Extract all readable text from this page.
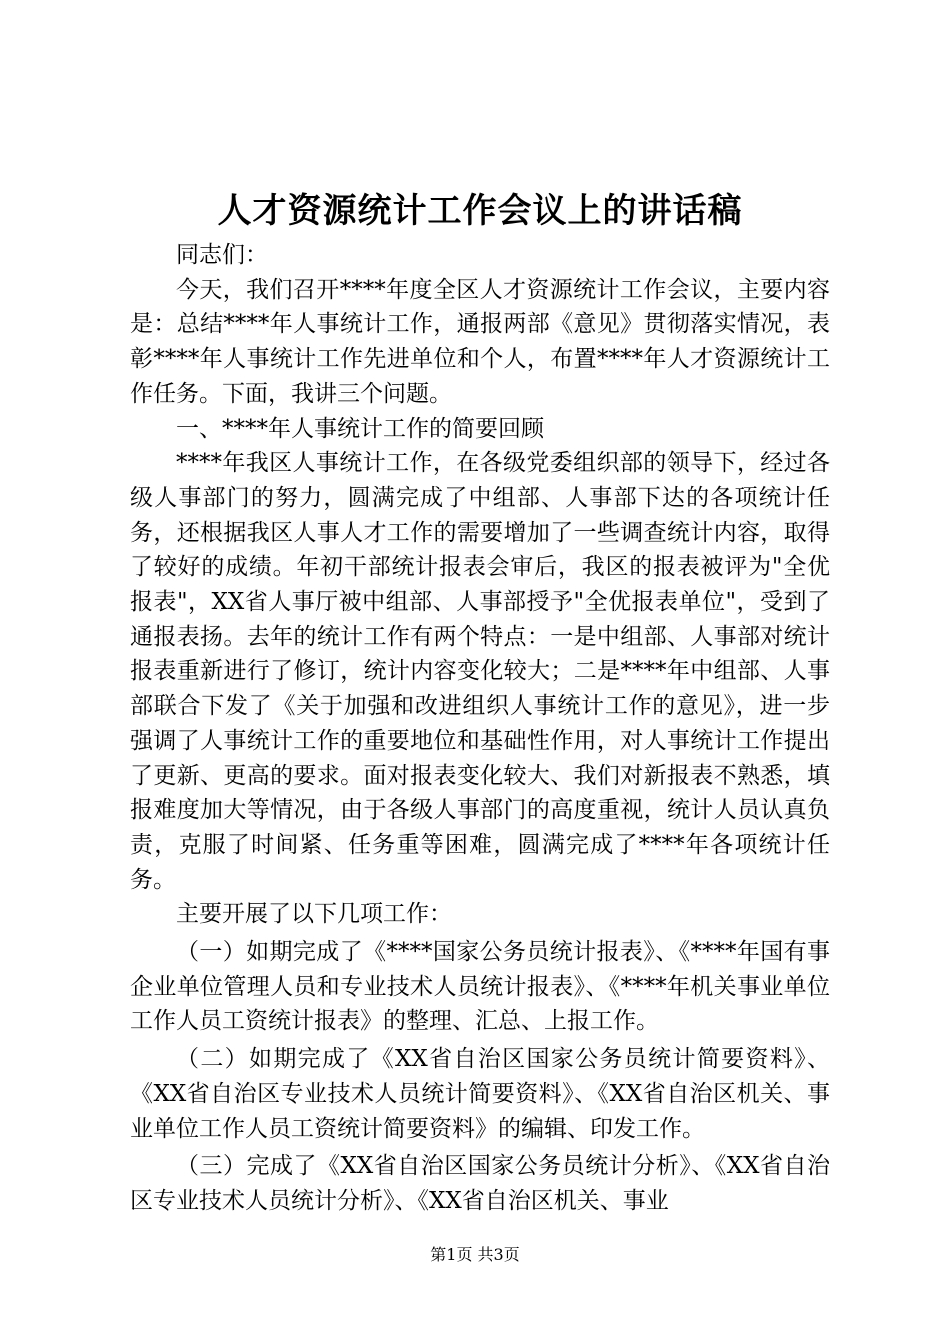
人才资源统计工作会议上的讲话稿

同志们：

今天，我们召开****年度全区人才资源统计工作会议，主要内容是：总结****年人事统计工作，通报两部《意见》贯彻落实情况，表彰****年人事统计工作先进单位和个人，布置****年人才资源统计工作任务。下面，我讲三个问题。

一、****年人事统计工作的简要回顾

****年我区人事统计工作，在各级党委组织部的领导下，经过各级人事部门的努力，圆满完成了中组部、人事部下达的各项统计任务，还根据我区人事人才工作的需要增加了一些调查统计内容，取得了较好的成绩。年初干部统计报表会审后，我区的报表被评为"全优报表"，XX省人事厅被中组部、人事部授予"全优报表单位"，受到了通报表扬。去年的统计工作有两个特点：一是中组部、人事部对统计报表重新进行了修订，统计内容变化较大；二是****年中组部、人事部联合下发了《关于加强和改进组织人事统计工作的意见》，进一步强调了人事统计工作的重要地位和基础性作用，对人事统计工作提出了更新、更高的要求。面对报表变化较大、我们对新报表不熟悉，填报难度加大等情况，由于各级人事部门的高度重视，统计人员认真负责，克服了时间紧、任务重等困难，圆满完成了****年各项统计任务。

主要开展了以下几项工作：

（一）如期完成了《****国家公务员统计报表》、《****年国有事企业单位管理人员和专业技术人员统计报表》、《****年机关事业单位工作人员工资统计报表》的整理、汇总、上报工作。

（二）如期完成了《XX省自治区国家公务员统计简要资料》、《XX省自治区专业技术人员统计简要资料》、《XX省自治区机关、事业单位工作人员工资统计简要资料》的编辑、印发工作。

（三）完成了《XX省自治区国家公务员统计分析》、《XX省自治区专业技术人员统计分析》、《XX省自治区机关、事业

第1页 共3页
